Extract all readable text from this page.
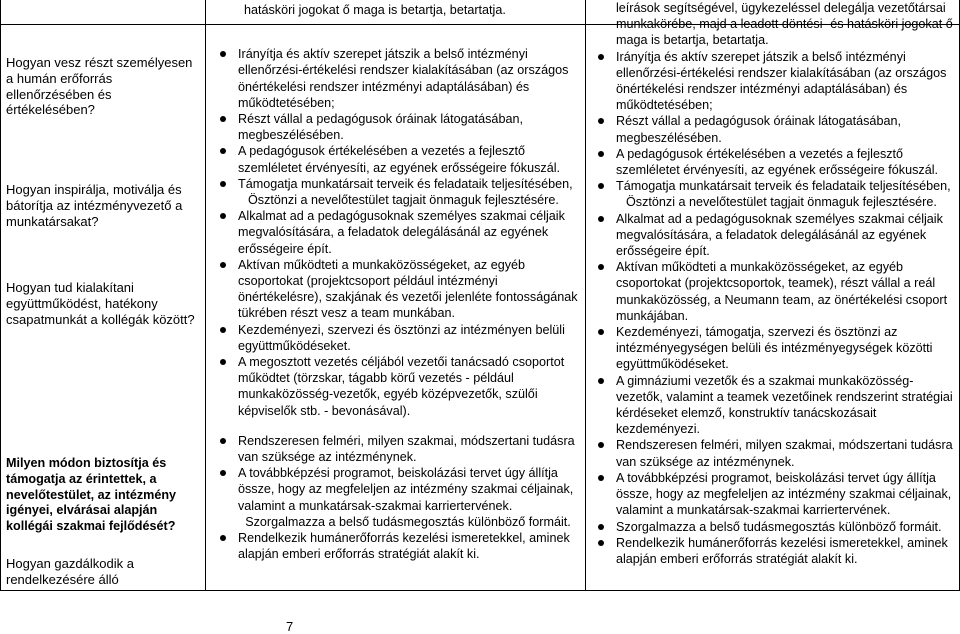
Hogyan vesz részt személyesen a humán erőforrás ellenőrzésében és értékelésében?
Hogyan inspirálja, motiválja és bátorítja az intézményvezető a munkatársakat?
Hogyan tud kialakítani együttműködést, hatékony csapatmunkát a kollégák között?
Milyen módon biztosítja és támogatja az érintettek, a nevelőtestület, az intézmény igényei, elvárásai alapján kollégái szakmai fejlődését?
Hogyan gazdálkodik a rendelkezésére álló

hatásköri jogokat ő maga is betartja, betartatja.

Irányítja és aktív szerepet játszik a belső intézményi ellenőrzési-értékelési rendszer kialakításában (az országos önértékelési rendszer intézményi adaptálásában) és működtetésében;
Részt vállal a pedagógusok óráinak látogatásában, megbeszélésében.
A pedagógusok értékelésében a vezetés a fejlesztő szemléletet érvényesíti, az egyének erősségeire fókuszál.
Támogatja munkatársait terveik és feladataik teljesítésében,
Ösztönzi a nevelőtestület tagjait önmaguk fejlesztésére.
Alkalmat ad a pedagógusoknak személyes szakmai céljaik megvalósítására, a feladatok delegálásánál az egyének erősségeire épít.
Aktívan működteti a munkaközösségeket, az egyéb csoportokat (projektcsoport például intézményi önértékelésre), szakjának és vezetői jelenléte fontosságának tükrében részt vesz a team munkában.
Kezdeményezi, szervezi és ösztönzi az intézményen belüli együttműködéseket.
A megosztott vezetés céljából vezetői tanácsadó csoportot működtet (törzskar, tágabb körű vezetés - például munkaközösség-vezetők, egyéb középvezetők, szülői képviselők stb. - bevonásával).
Rendszeresen felméri, milyen szakmai, módszertani tudásra van szüksége az intézménynek.
A továbbképzési programot, beiskolázási tervet úgy állítja össze, hogy az megfeleljen az intézmény szakmai céljainak, valamint a munkatársak-szakmai karriertervének.
Szorgalmazza a belső tudásmegosztás különböző formáit.
Rendelkezik humánerőforrás kezelési ismeretekkel, aminek alapján emberi erőforrás stratégiát alakít ki.

leírások segítségével, ügykezeléssel delegálja vezetőtársai munkakörébe, majd a leadott döntési- és hatásköri jogokat ő maga is betartja, betartatja.

Irányítja és aktív szerepet játszik a belső intézményi ellenőrzési-értékelési rendszer kialakításában (az országos önértékelési rendszer intézményi adaptálásában) és működtetésében;
Részt vállal a pedagógusok óráinak látogatásában, megbeszélésében.
A pedagógusok értékelésében a vezetés a fejlesztő szemléletet érvényesíti, az egyének erősségeire fókuszál.
Támogatja munkatársait terveik és feladataik teljesítésében,
Ösztönzi a nevelőtestület tagjait önmaguk fejlesztésére.
Alkalmat ad a pedagógusoknak személyes szakmai céljaik megvalósítására, a feladatok delegálásánál az egyének erősségeire épít.
Aktívan működteti a munkaközösségeket, az egyéb csoportokat (projektcsoportok, teamek), részt vállal a reál munkaközösség, a Neumann team, az önértékelési csoport munkájában.
Kezdeményezi, támogatja, szervezi és ösztönzi az intézményegységen belüli és intézményegységek közötti együttműködéseket.
A gimnáziumi vezetők és a szakmai munkaközösség-vezetők, valamint a teamek vezetőinek rendszerint stratégiai kérdéseket elemző, konstruktív tanácskozásait kezdeményezi.
Rendszeresen felméri, milyen szakmai, módszertani tudásra van szüksége az intézménynek.
A továbbképzési programot, beiskolázási tervet úgy állítja össze, hogy az megfeleljen az intézmény szakmai céljainak, valamint a munkatársak-szakmai karriertervének.
Szorgalmazza a belső tudásmegosztás különböző formáit.
Rendelkezik humánerőforrás kezelési ismeretekkel, aminek alapján emberi erőforrás stratégiát alakít ki.
7
